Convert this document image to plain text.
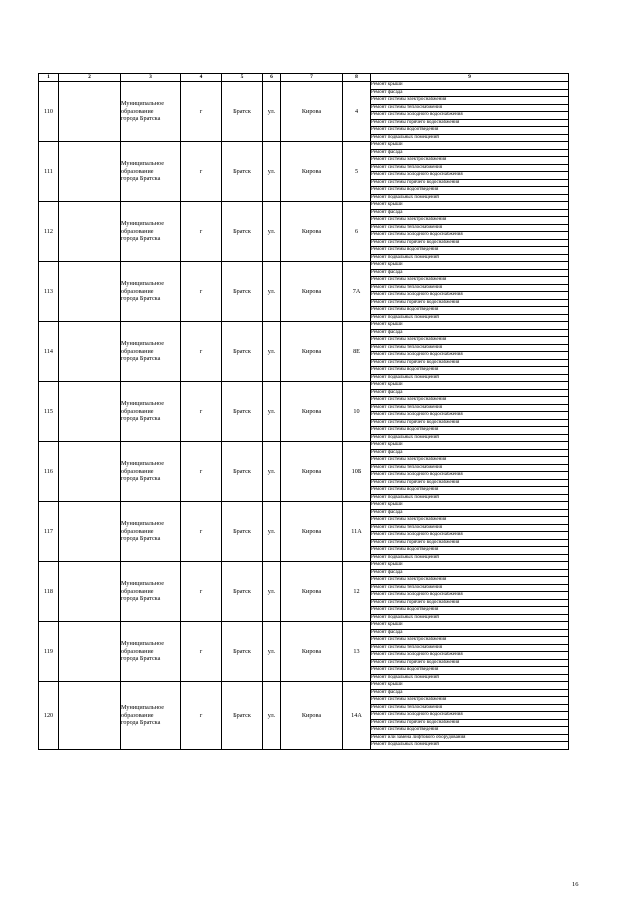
1	2	3	4	5	6	7	8	9
110		Муниципальное
образование
города Братска	г	Братск	ул.	Кирова	4	Ремонт крыши
								Ремонт фасада
								Ремонт системы электроснабжения
								Ремонт системы теплоснабжения
								Ремонт системы холодного водоснабжения
								Ремонт системы горячего водоснабжения
								Ремонт системы водоотведения
								Ремонт подвальных помещений
111		Муниципальное
образование
города Братска	г	Братск	ул.	Кирова	5	Ремонт крыши
								Ремонт фасада
								Ремонт системы электроснабжения
								Ремонт системы теплоснабжения
								Ремонт системы холодного водоснабжения
								Ремонт системы горячего водоснабжения
								Ремонт системы водоотведения
								Ремонт подвальных помещений
112		Муниципальное
образование
города Братска	г	Братск	ул.	Кирова	6	Ремонт крыши
								Ремонт фасада
								Ремонт системы электроснабжения
								Ремонт системы теплоснабжения
								Ремонт системы холодного водоснабжения
								Ремонт системы горячего водоснабжения
								Ремонт системы водоотведения
								Ремонт подвальных помещений
113		Муниципальное
образование
города Братска	г	Братск	ул.	Кирова	7А	Ремонт крыши
								Ремонт фасада
								Ремонт системы электроснабжения
								Ремонт системы теплоснабжения
								Ремонт системы холодного водоснабжения
								Ремонт системы горячего водоснабжения
								Ремонт системы водоотведения
								Ремонт подвальных помещений
114		Муниципальное
образование
города Братска	г	Братск	ул.	Кирова	8Е	Ремонт крыши
								Ремонт фасада
								Ремонт системы электроснабжения
								Ремонт системы теплоснабжения
								Ремонт системы холодного водоснабжения
								Ремонт системы горячего водоснабжения
								Ремонт системы водоотведения
								Ремонт подвальных помещений
115		Муниципальное
образование
города Братска	г	Братск	ул.	Кирова	10	Ремонт крыши
								Ремонт фасада
								Ремонт системы электроснабжения
								Ремонт системы теплоснабжения
								Ремонт системы холодного водоснабжения
								Ремонт системы горячего водоснабжения
								Ремонт системы водоотведения
								Ремонт подвальных помещений
116		Муниципальное
образование
города Братска	г	Братск	ул.	Кирова	10Б	Ремонт крыши
								Ремонт фасада
								Ремонт системы электроснабжения
								Ремонт системы теплоснабжения
								Ремонт системы холодного водоснабжения
								Ремонт системы горячего водоснабжения
								Ремонт системы водоотведения
								Ремонт подвальных помещений
117		Муниципальное
образование
города Братска	г	Братск	ул.	Кирова	11А	Ремонт крыши
								Ремонт фасада
								Ремонт системы электроснабжения
								Ремонт системы теплоснабжения
								Ремонт системы холодного водоснабжения
								Ремонт системы горячего водоснабжения
								Ремонт системы водоотведения
								Ремонт подвальных помещений
118		Муниципальное
образование
города Братска	г	Братск	ул.	Кирова	12	Ремонт крыши
								Ремонт фасада
								Ремонт системы электроснабжения
								Ремонт системы теплоснабжения
								Ремонт системы холодного водоснабжения
								Ремонт системы горячего водоснабжения
								Ремонт системы водоотведения
								Ремонт подвальных помещений
119		Муниципальное
образование
города Братска	г	Братск	ул.	Кирова	13	Ремонт крыши
								Ремонт фасада
								Ремонт системы электроснабжения
								Ремонт системы теплоснабжения
								Ремонт системы холодного водоснабжения
								Ремонт системы горячего водоснабжения
								Ремонт системы водоотведения
								Ремонт подвальных помещений
120		Муниципальное
образование
города Братска	г	Братск	ул.	Кирова	14А	Ремонт крыши
								Ремонт фасада
								Ремонт системы электроснабжения
								Ремонт системы теплоснабжения
								Ремонт системы холодного водоснабжения
								Ремонт системы горячего водоснабжения
								Ремонт системы водоотведения
								Ремонт или замена лифтового оборудования
								Ремонт подвальных помещений
16
